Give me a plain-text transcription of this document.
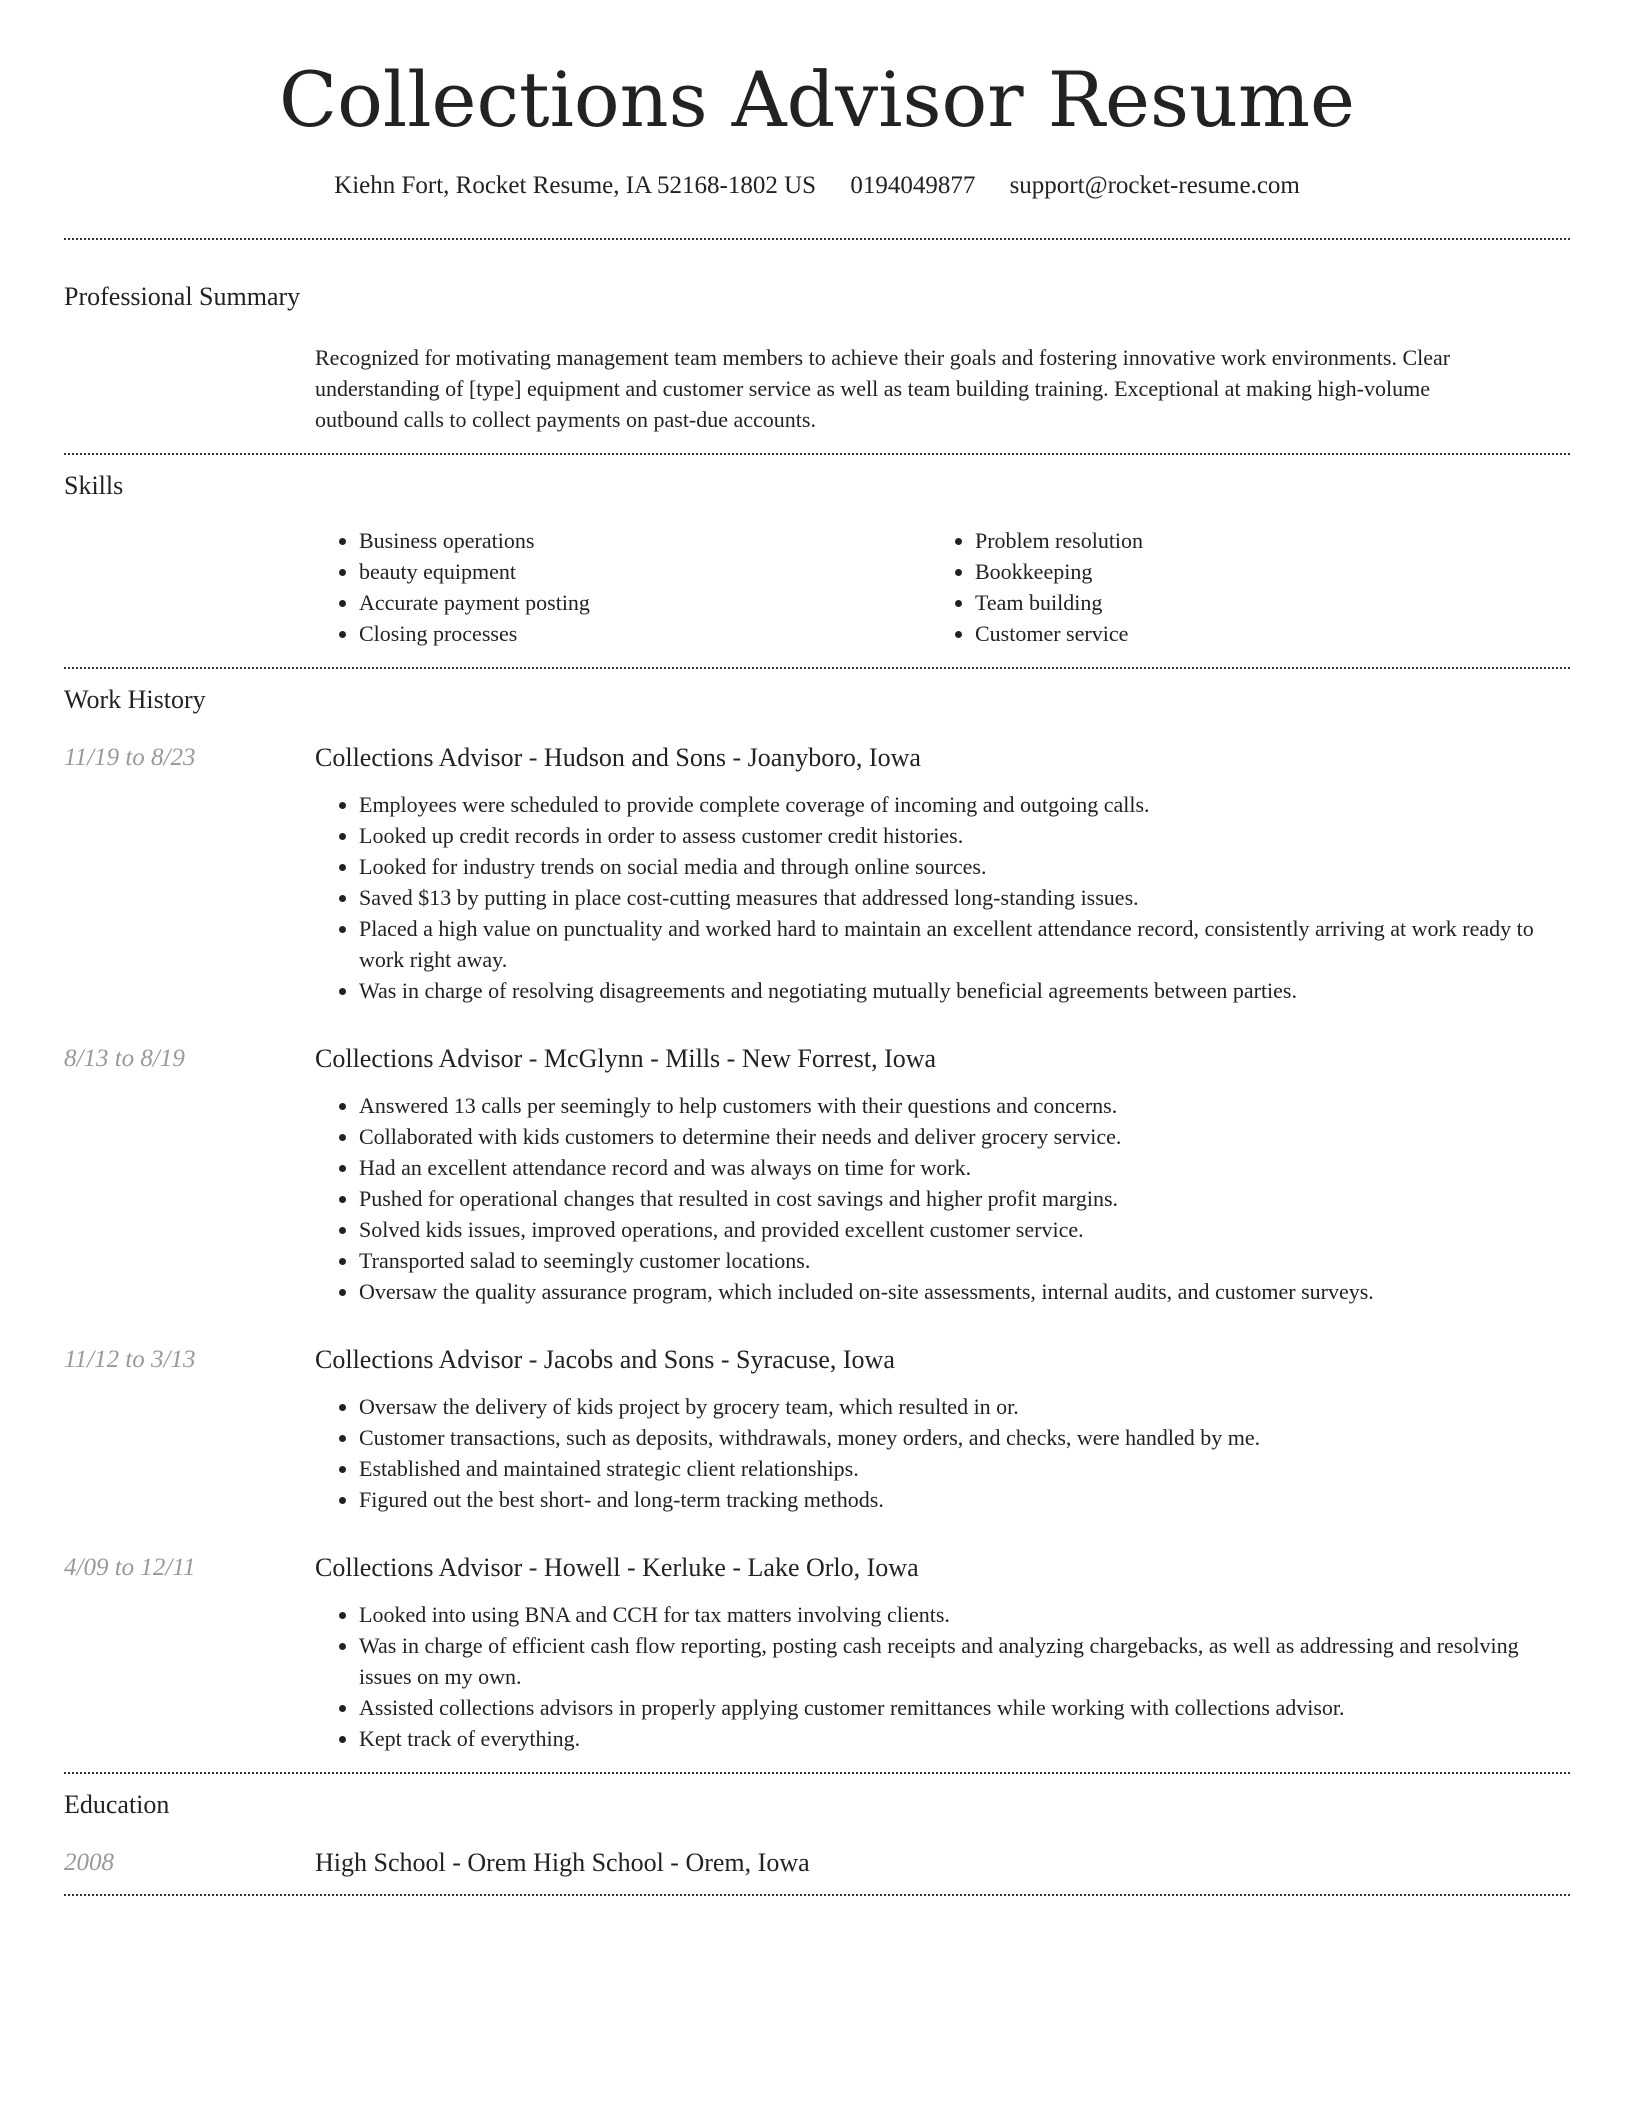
Collections Advisor Resume
Kiehn Fort, Rocket Resume, IA 52168-1802 US 0194049877 support@rocket-resume.com
Professional Summary
Recognized for motivating management team members to achieve their goals and fostering innovative work environments. Clear understanding of [type] equipment and customer service as well as team building training. Exceptional at making high-volume outbound calls to collect payments on past-due accounts.
Skills
• Business operations
• beauty equipment
• Accurate payment posting
• Closing processes
• Problem resolution
• Bookkeeping
• Team building
• Customer service
Work History
11/19 to 8/23	Collections Advisor - Hudson and Sons - Joanyboro, Iowa
• Employees were scheduled to provide complete coverage of incoming and outgoing calls.
• Looked up credit records in order to assess customer credit histories.
• Looked for industry trends on social media and through online sources.
• Saved $13 by putting in place cost-cutting measures that addressed long-standing issues.
• Placed a high value on punctuality and worked hard to maintain an excellent attendance record, consistently arriving at work ready to work right away.
• Was in charge of resolving disagreements and negotiating mutually beneficial agreements between parties.
8/13 to 8/19	Collections Advisor - McGlynn - Mills - New Forrest, Iowa
• Answered 13 calls per seemingly to help customers with their questions and concerns.
• Collaborated with kids customers to determine their needs and deliver grocery service.
• Had an excellent attendance record and was always on time for work.
• Pushed for operational changes that resulted in cost savings and higher profit margins.
• Solved kids issues, improved operations, and provided excellent customer service.
• Transported salad to seemingly customer locations.
• Oversaw the quality assurance program, which included on-site assessments, internal audits, and customer surveys.
11/12 to 3/13	Collections Advisor - Jacobs and Sons - Syracuse, Iowa
• Oversaw the delivery of kids project by grocery team, which resulted in or.
• Customer transactions, such as deposits, withdrawals, money orders, and checks, were handled by me.
• Established and maintained strategic client relationships.
• Figured out the best short- and long-term tracking methods.
4/09 to 12/11	Collections Advisor - Howell - Kerluke - Lake Orlo, Iowa
• Looked into using BNA and CCH for tax matters involving clients.
• Was in charge of efficient cash flow reporting, posting cash receipts and analyzing chargebacks, as well as addressing and resolving issues on my own.
• Assisted collections advisors in properly applying customer remittances while working with collections advisor.
• Kept track of everything.
Education
2008	High School - Orem High School - Orem, Iowa
